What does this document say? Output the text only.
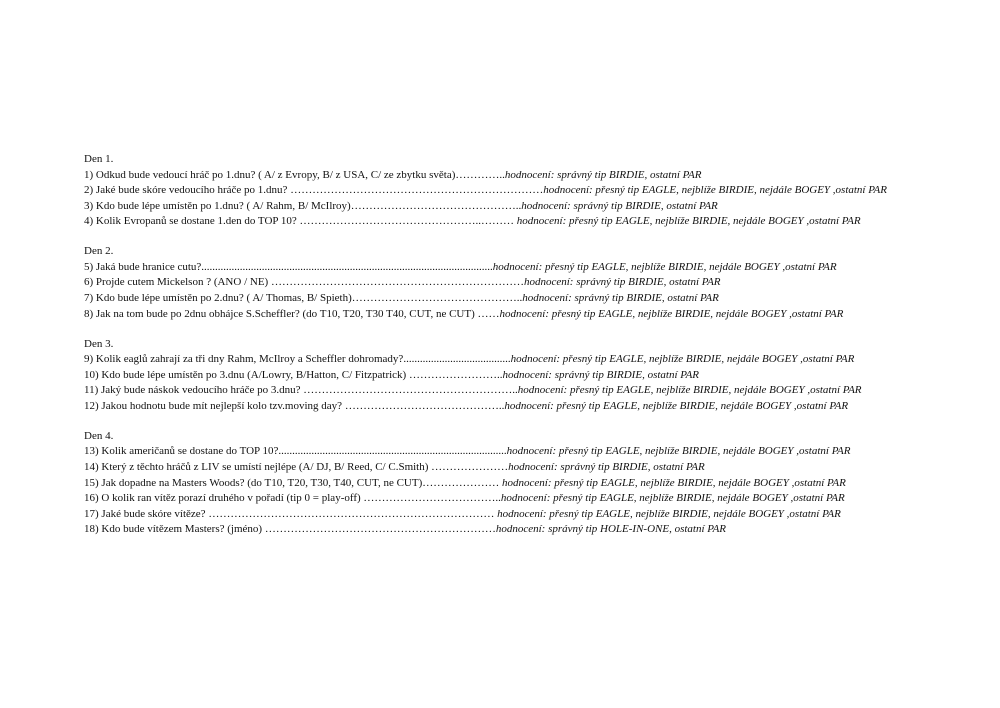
Den 1.
1) Odkud bude vedoucí hráč po 1.dnu? ( A/ z Evropy, B/ z USA, C/ ze zbytku světa)…………..hodnocení: správný tip BIRDIE, ostatní PAR
2) Jaké bude skóre vedoucího hráče po 1.dnu? ……………………………………………………………hodnocení: přesný tip EAGLE, nejblíže BIRDIE, nejdále BOGEY ,ostatní PAR
3) Kdo bude lépe umístěn po 1.dnu? ( A/ Rahm, B/ McIlroy)………………………………………..hodnocení: správný tip BIRDIE, ostatní PAR
4) Kolik Evropanů se dostane 1.den do TOP 10? …………………………………………..……… hodnocení: přesný tip EAGLE, nejblíže BIRDIE, nejdále BOGEY ,ostatní PAR
Den 2.
5) Jaká bude hranice cutu?..........................................................................................................hodnocení: přesný tip EAGLE, nejblíže BIRDIE, nejdále BOGEY ,ostatní PAR
6) Projde cutem Mickelson ? (ANO / NE) ……………………………………………………………hodnocení: správný tip BIRDIE, ostatní PAR
7) Kdo bude lépe umístěn po 2.dnu? ( A/ Thomas, B/ Spieth)………………………………………..hodnocení: správný tip BIRDIE, ostatní PAR
8) Jak na tom bude po 2dnu obhájce S.Scheffler? (do T10, T20, T30 T40, CUT, ne CUT) ……hodnocení: přesný tip EAGLE, nejblíže BIRDIE, nejdále BOGEY ,ostatní PAR
Den 3.
9) Kolik eaglů zahrají za tři dny Rahm, McIlroy a Scheffler dohromady?.......................................hodnocení: přesný tip EAGLE, nejblíže BIRDIE, nejdále BOGEY ,ostatní PAR
10) Kdo bude lépe umístěn po 3.dnu (A/Lowry, B/Hatton, C/ Fitzpatrick) ……………………..hodnocení: správný tip BIRDIE, ostatní PAR
11) Jaký bude náskok vedoucího hráče po 3.dnu? …………………………………………………..hodnocení: přesný tip EAGLE, nejblíže BIRDIE, nejdále BOGEY ,ostatní PAR
12) Jakou hodnotu bude mít nejlepší kolo tzv.moving day? ……………………………………..hodnocení: přesný tip EAGLE, nejblíže BIRDIE, nejdále BOGEY ,ostatní PAR
Den 4.
13) Kolik američanů se dostane do TOP 10?...................................................................................hodnocení: přesný tip EAGLE, nejblíže BIRDIE, nejdále BOGEY ,ostatní PAR
14) Který z těchto hráčů z LIV se umístí nejlépe (A/ DJ, B/ Reed, C/ C.Smith) …………………hodnocení: správný tip BIRDIE, ostatní PAR
15) Jak dopadne na Masters Woods? (do T10, T20, T30, T40, CUT, ne CUT)………………… hodnocení: přesný tip EAGLE, nejblíže BIRDIE, nejdále BOGEY ,ostatní PAR
16) O kolik ran vítěz porazí druhého v pořadí (tip 0 = play-off) ………………………………..hodnocení: přesný tip EAGLE, nejblíže BIRDIE, nejdále BOGEY ,ostatní PAR
17) Jaké bude skóre vítěze? …………………………………………………………………… hodnocení: přesný tip EAGLE, nejblíže BIRDIE, nejdále BOGEY ,ostatní PAR
18) Kdo bude vítězem Masters? (jméno) ………………………………………………………hodnocení: správný tip HOLE-IN-ONE, ostatní PAR
